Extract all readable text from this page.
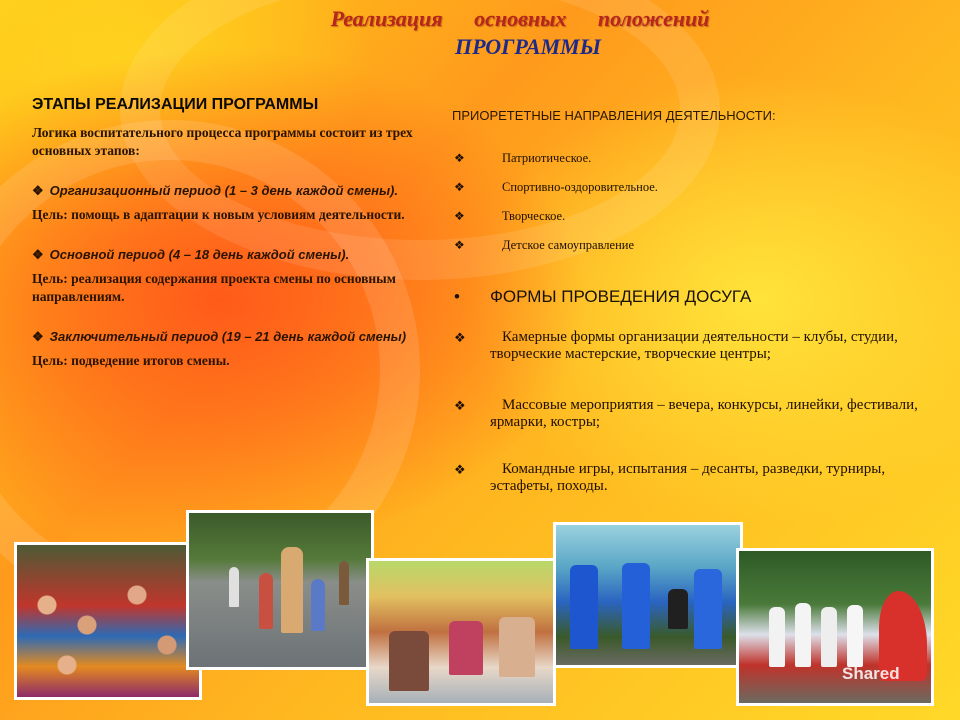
Реализация основных положений
ПРОГРАММЫ
ЭТАПЫ РЕАЛИЗАЦИИ ПРОГРАММЫ

Логика воспитательного процесса программы состоит из трех основных этапов:

❖ Организационный период (1 – 3 день каждой смены).

Цель: помощь в адаптации к новым условиям деятельности.

❖ Основной период (4 – 18 день каждой смены).

Цель: реализация содержания проекта смены по основным направлениям.

❖ Заключительный период (19 – 21 день каждой смены)

Цель: подведение итогов смены.

ПРИОРЕТЕТНЫЕ НАПРАВЛЕНИЯ ДЕЯТЕЛЬНОСТИ:
❖	Патриотическое.
❖	Спортивно-оздоровительное.
❖	Творческое.
❖	Детское самоуправление
•	ФОРМЫ ПРОВЕДЕНИЯ ДОСУГА
❖	Камерные формы организации деятельности – клубы, студии, творческие мастерские, творческие центры;
❖	Массовые мероприятия – вечера, конкурсы, линейки, фестивали, ярмарки, костры;
❖	Командные игры, испытания – десанты, разведки, турниры, эстафеты, походы.
Shared
